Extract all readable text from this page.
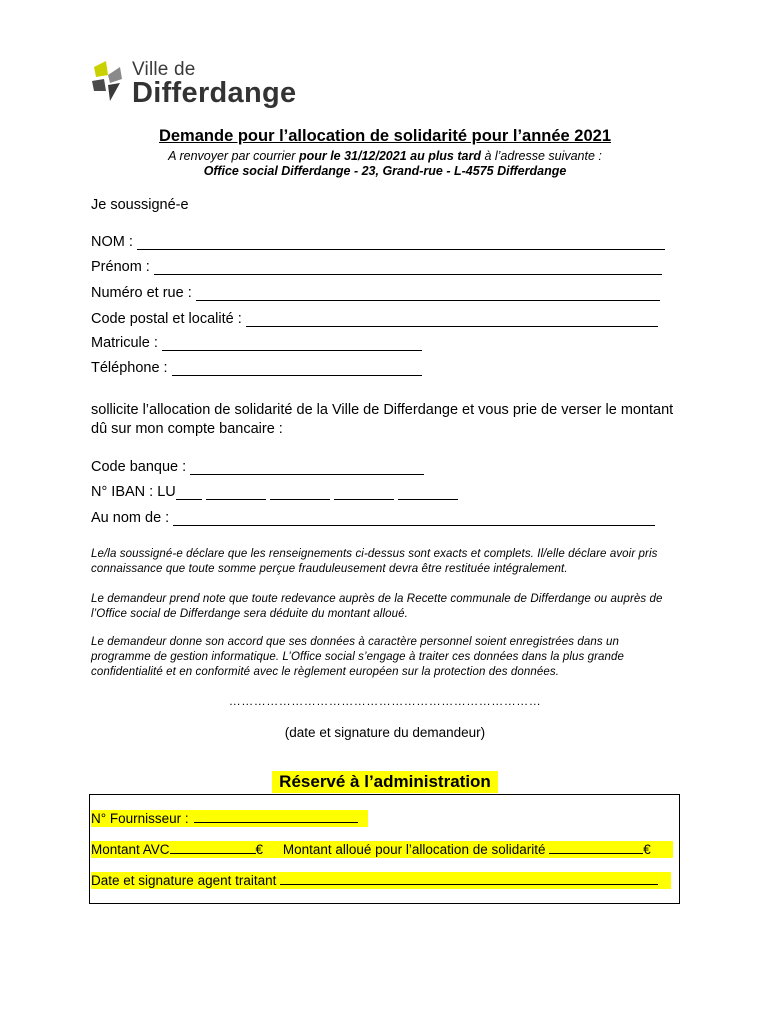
Ville de
Differdange
Demande pour l’allocation de solidarité pour l’année 2021
A renvoyer par courrier pour le 31/12/2021 au plus tard à l’adresse suivante :
Office social Differdange - 23, Grand-rue - L-4575 Differdange
Je soussigné-e
NOM :
Prénom :
Numéro et rue :
Code postal et localité :
Matricule :
Téléphone :
sollicite l’allocation de solidarité de la Ville de Differdange et vous prie de verser le montant dû sur mon compte bancaire :
Code banque :
N° IBAN : LU
Au nom de :
Le/la soussigné-e déclare que les renseignements ci-dessus sont exacts et complets. Il/elle déclare avoir pris connaissance que toute somme perçue frauduleusement devra être restituée intégralement.
Le demandeur prend note que toute redevance auprès de la Recette communale de Differdange ou auprès de l’Office social de Differdange sera déduite du montant alloué.
Le demandeur donne son accord que ses données à caractère personnel soient enregistrées dans un programme de gestion informatique. L’Office social s’engage à traiter ces données dans la plus grande confidentialité et en conformité avec le règlement européen sur la protection des données.
…………………………………………………………………
(date et signature du demandeur)
Réservé à l’administration
N° Fournisseur :
Montant AVC	€ Montant alloué pour l’allocation de solidarité	€
Date et signature agent traitant
